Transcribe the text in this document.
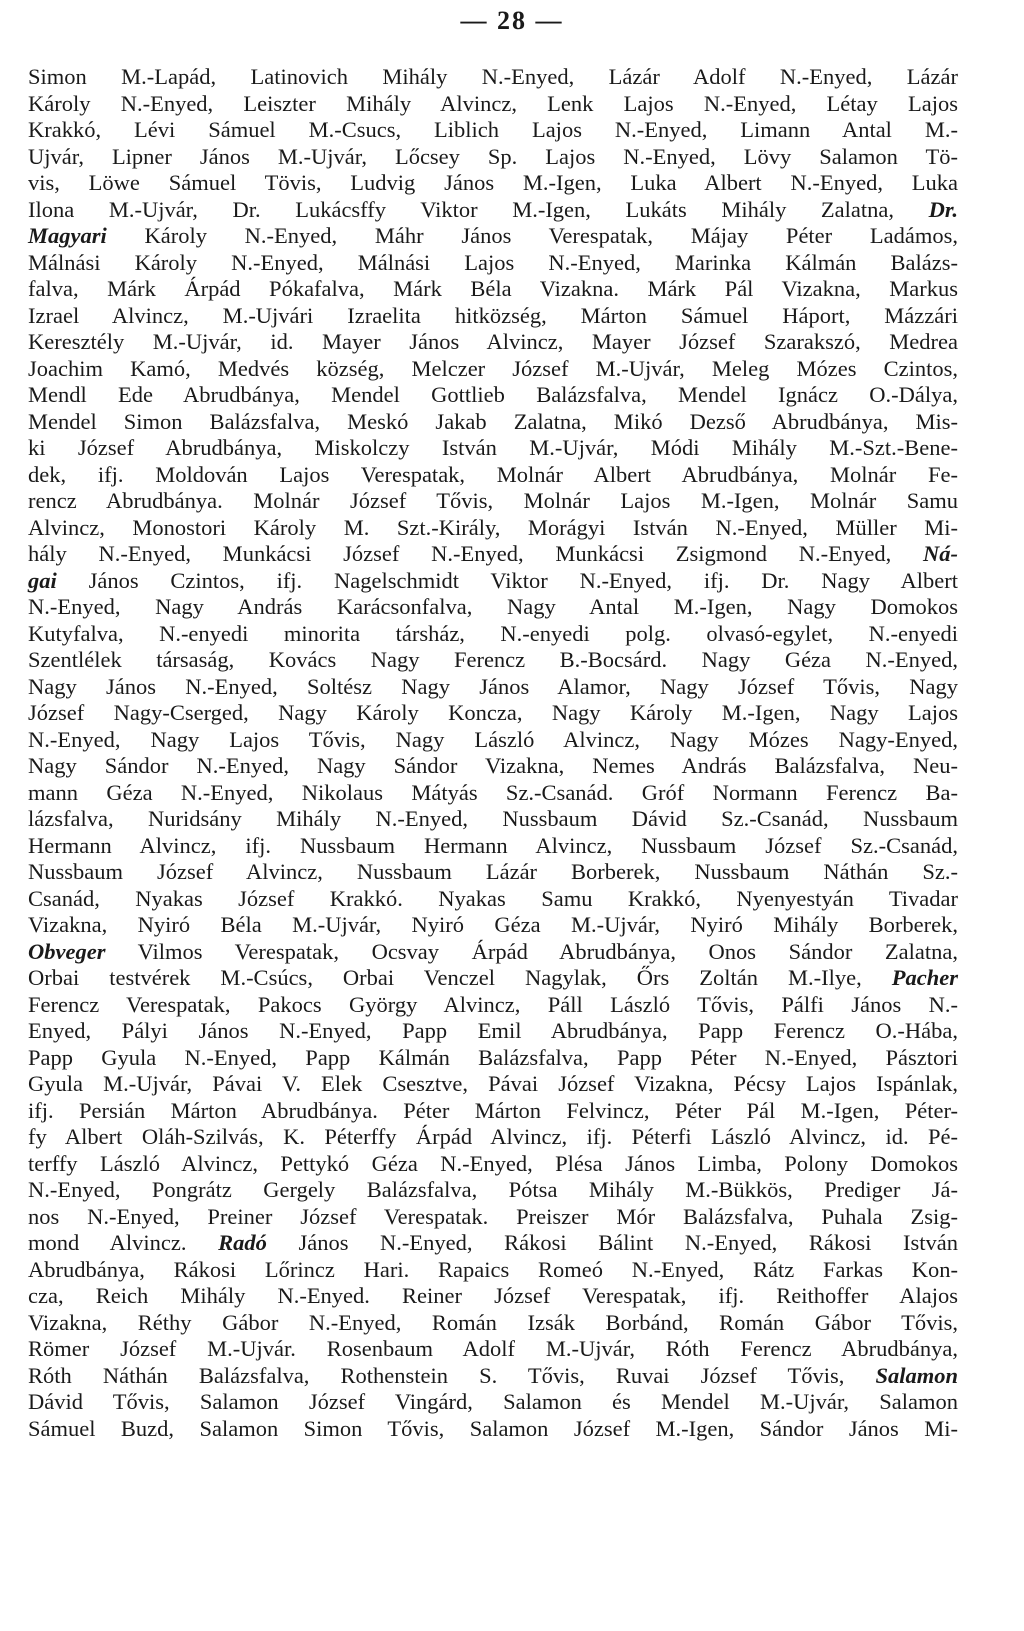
— 28 —
Simon M.-Lapád, Latinovich Mihály N.-Enyed, Lázár Adolf N.-Enyed, Lázár
Károly N.-Enyed, Leiszter Mihály Alvincz, Lenk Lajos N.-Enyed, Létay Lajos
Krakkó, Lévi Sámuel M.-Csucs, Liblich Lajos N.-Enyed, Limann Antal M.-
Ujvár, Lipner János M.-Ujvár, Lőcsey Sp. Lajos N.-Enyed, Lövy Salamon Tö-
vis, Löwe Sámuel Tövis, Ludvig János M.-Igen, Luka Albert N.-Enyed, Luka
Ilona M.-Ujvár, Dr. Lukácsffy Viktor M.-Igen, Lukáts Mihály Zalatna, Dr.
Magyari Károly N.-Enyed, Máhr János Verespatak, Májay Péter Ladámos,
Málnási Károly N.-Enyed, Málnási Lajos N.-Enyed, Marinka Kálmán Balázs-
falva, Márk Árpád Pókafalva, Márk Béla Vizakna. Márk Pál Vizakna, Markus
Izrael Alvincz, M.-Ujvári Izraelita hitközség, Márton Sámuel Háport, Mázzári
Keresztély M.-Ujvár, id. Mayer János Alvincz, Mayer József Szarakszó, Medrea
Joachim Kamó, Medvés község, Melczer József M.-Ujvár, Meleg Mózes Czintos,
Mendl Ede Abrudbánya, Mendel Gottlieb Balázsfalva, Mendel Ignácz O.-Dálya,
Mendel Simon Balázsfalva, Meskó Jakab Zalatna, Mikó Dezső Abrudbánya, Mis-
ki József Abrudbánya, Miskolczy István M.-Ujvár, Módi Mihály M.-Szt.-Bene-
dek, ifj. Moldován Lajos Verespatak, Molnár Albert Abrudbánya, Molnár Fe-
rencz Abrudbánya. Molnár József Tővis, Molnár Lajos M.-Igen, Molnár Samu
Alvincz, Monostori Károly M. Szt.-Király, Morágyi István N.-Enyed, Müller Mi-
hály N.-Enyed, Munkácsi József N.-Enyed, Munkácsi Zsigmond N.-Enyed, Ná-
gai János Czintos, ifj. Nagelschmidt Viktor N.-Enyed, ifj. Dr. Nagy Albert
N.-Enyed, Nagy András Karácsonfalva, Nagy Antal M.-Igen, Nagy Domokos
Kutyfalva, N.-enyedi minorita társház, N.-enyedi polg. olvasó-egylet, N.-enyedi
Szentlélek társaság, Kovács Nagy Ferencz B.-Bocsárd. Nagy Géza N.-Enyed,
Nagy János N.-Enyed, Soltész Nagy János Alamor, Nagy József Tővis, Nagy
József Nagy-Cserged, Nagy Károly Koncza, Nagy Károly M.-Igen, Nagy Lajos
N.-Enyed, Nagy Lajos Tővis, Nagy László Alvincz, Nagy Mózes Nagy-Enyed,
Nagy Sándor N.-Enyed, Nagy Sándor Vizakna, Nemes András Balázsfalva, Neu-
mann Géza N.-Enyed, Nikolaus Mátyás Sz.-Csanád. Gróf Normann Ferencz Ba-
lázsfalva, Nuridsány Mihály N.-Enyed, Nussbaum Dávid Sz.-Csanád, Nussbaum
Hermann Alvincz, ifj. Nussbaum Hermann Alvincz, Nussbaum József Sz.-Csanád,
Nussbaum József Alvincz, Nussbaum Lázár Borberek, Nussbaum Náthán Sz.-
Csanád, Nyakas József Krakkó. Nyakas Samu Krakkó, Nyenyestyán Tivadar
Vizakna, Nyiró Béla M.-Ujvár, Nyiró Géza M.-Ujvár, Nyiró Mihály Borberek,
Obveger Vilmos Verespatak, Ocsvay Árpád Abrudbánya, Onos Sándor Zalatna,
Orbai testvérek M.-Csúcs, Orbai Venczel Nagylak, Őrs Zoltán M.-Ilye, Pacher
Ferencz Verespatak, Pakocs György Alvincz, Páll László Tővis, Pálfi János N.-
Enyed, Pályi János N.-Enyed, Papp Emil Abrudbánya, Papp Ferencz O.-Hába,
Papp Gyula N.-Enyed, Papp Kálmán Balázsfalva, Papp Péter N.-Enyed, Pásztori
Gyula M.-Ujvár, Pávai V. Elek Csesztve, Pávai József Vizakna, Pécsy Lajos Ispánlak,
ifj. Persián Márton Abrudbánya. Péter Márton Felvincz, Péter Pál M.-Igen, Péter-
fy Albert Oláh-Szilvás, K. Péterffy Árpád Alvincz, ifj. Péterfi László Alvincz, id. Pé-
terffy László Alvincz, Pettykó Géza N.-Enyed, Plésa János Limba, Polony Domokos
N.-Enyed, Pongrátz Gergely Balázsfalva, Pótsa Mihály M.-Bükkös, Prediger Já-
nos N.-Enyed, Preiner József Verespatak. Preiszer Mór Balázsfalva, Puhala Zsig-
mond Alvincz. Radó János N.-Enyed, Rákosi Bálint N.-Enyed, Rákosi István
Abrudbánya, Rákosi Lőrincz Hari. Rapaics Romeó N.-Enyed, Rátz Farkas Kon-
cza, Reich Mihály N.-Enyed. Reiner József Verespatak, ifj. Reithoffer Alajos
Vizakna, Réthy Gábor N.-Enyed, Román Izsák Borbánd, Román Gábor Tővis,
Römer József M.-Ujvár. Rosenbaum Adolf M.-Ujvár, Róth Ferencz Abrudbánya,
Róth Náthán Balázsfalva, Rothenstein S. Tővis, Ruvai József Tővis, Salamon
Dávid Tővis, Salamon József Vingárd, Salamon és Mendel M.-Ujvár, Salamon
Sámuel Buzd, Salamon Simon Tővis, Salamon József M.-Igen, Sándor János Mi-
